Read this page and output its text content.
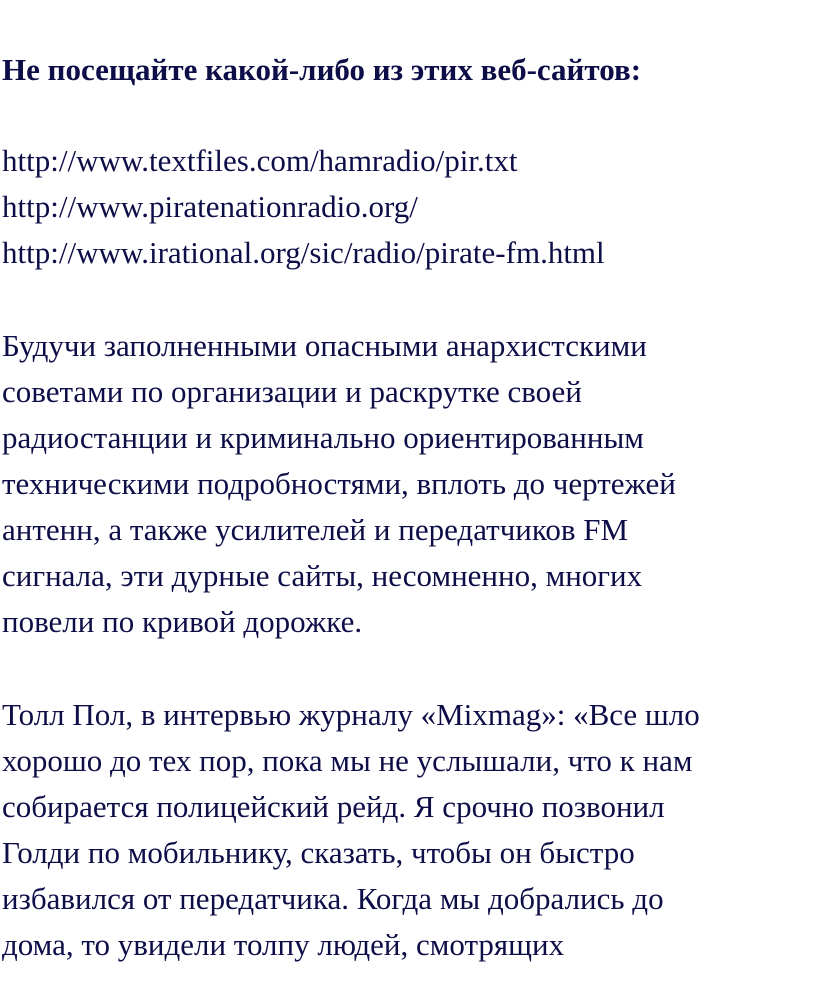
Не посещайте какой-либо из этих веб-сайтов:
http://www.textfiles.com/hamradio/pir.txt
http://www.piratenationradio.org/
http://www.irational.org/sic/radio/pirate-fm.html
Будучи заполненными опасными анархистскими
советами по организации и раскрутке своей
радиостанции и криминально ориентированным
техническими подробностями, вплоть до чертежей
антенн, а также усилителей и передатчиков FM
сигнала, эти дурные сайты, несомненно, многих
повели по кривой дорожке.
Толл Пол, в интервью журналу «Mixmag»: «Все шло
хорошо до тех пор, пока мы не услышали, что к нам
собирается полицейский рейд. Я срочно позвонил
Голди по мобильнику, сказать, чтобы он быстро
избавился от передатчика. Когда мы добрались до
дома, то увидели толпу людей, смотрящих
